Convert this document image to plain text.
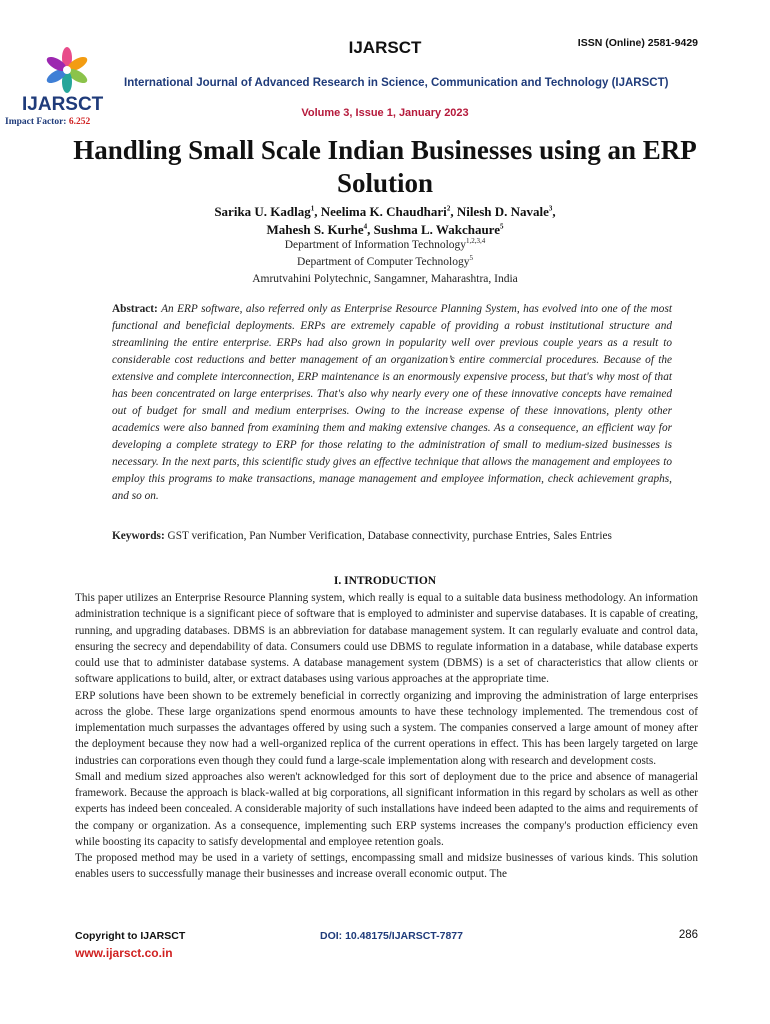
IJARSCT
IJARSCT	ISSN (Online) 2581-9429
International Journal of Advanced Research in Science, Communication and Technology (IJARSCT)
Volume 3, Issue 1, January 2023
Impact Factor: 6.252
Handling Small Scale Indian Businesses using an ERP Solution
Sarika U. Kadlag$^1$, Neelima K. Chaudhari$^2$, Nilesh D. Navale$^3$,
Mahesh S. Kurhe$^4$, Sushma L. Wakchaure$^5$
Department of Information Technology$^{1,2,3,4}$
Department of Computer Technology$^5$
Amrutvahini Polytechnic, Sangamner, Maharashtra, India
Abstract: An ERP software, also referred only as Enterprise Resource Planning System, has evolved into one of the most functional and beneficial deployments. ERPs are extremely capable of providing a robust institutional structure and streamlining the entire enterprise. ERPs had also grown in popularity well over previous couple years as a result to considerable cost reductions and better management of an organization’s entire commercial procedures. Because of the extensive and complete interconnection, ERP maintenance is an enormously expensive process, but that's why most of that has been concentrated on large enterprises. That's also why nearly every one of these innovative concepts have remained out of budget for small and medium enterprises. Owing to the increase expense of these innovations, plenty other academics were also banned from examining them and making extensive changes. As a consequence, an efficient way for developing a complete strategy to ERP for those relating to the administration of small to medium-sized businesses is necessary. In the next parts, this scientific study gives an effective technique that allows the management and employees to employ this programs to make transactions, manage management and employee information, check achievement graphs, and so on.
Keywords: GST verification, Pan Number Verification, Database connectivity, purchase Entries, Sales Entries
I. INTRODUCTION

This paper utilizes an Enterprise Resource Planning system, which really is equal to a suitable data business methodology. An information administration technique is a significant piece of software that is employed to administer and supervise databases. It is capable of creating, running, and upgrading databases. DBMS is an abbreviation for database management system. It can regularly evaluate and control data, ensuring the secrecy and dependability of data. Consumers could use DBMS to regulate information in a database, while database experts could use that to administer database systems. A database management system (DBMS) is a set of characteristics that allow clients or software applications to build, alter, or extract databases using various approaches at the appropriate time.

ERP solutions have been shown to be extremely beneficial in correctly organizing and improving the administration of large enterprises across the globe. These large organizations spend enormous amounts to have these technology implemented. The tremendous cost of implementation much surpasses the advantages offered by using such a system. The companies conserved a large amount of money after the deployment because they now had a well-organized replica of the current operations in effect. This has been largely targeted on large industries can corporations even though they could fund a large-scale implementation along with research and development costs.

Small and medium sized approaches also weren't acknowledged for this sort of deployment due to the price and absence of managerial framework. Because the approach is black-walled at big corporations, all significant information in this regard by scholars as well as other experts has indeed been concealed. A considerable majority of such installations have indeed been adapted to the aims and requirements of the company or organization. As a consequence, implementing such ERP systems increases the company's production efficiency even while boosting its capacity to satisfy developmental and employee retention goals.

The proposed method may be used in a variety of settings, encompassing small and midsize businesses of various kinds. This solution enables users to successfully manage their businesses and increase overall economic output. The

Copyright to IJARSCT	DOI: 10.48175/IJARSCT-7877	286
www.ijarsct.co.in
